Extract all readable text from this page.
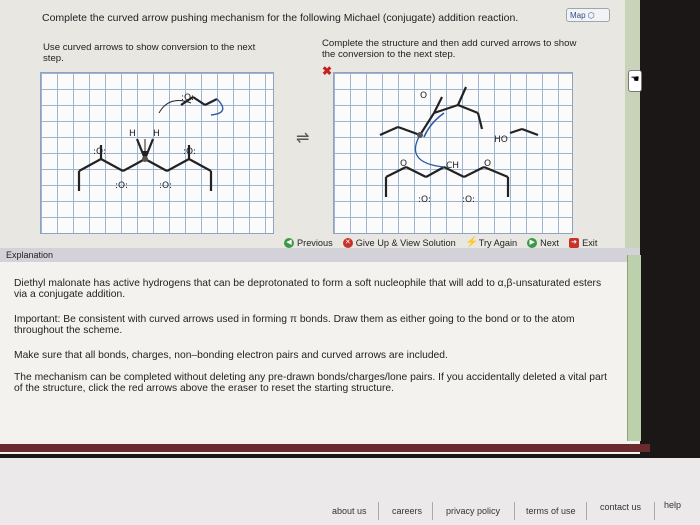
Complete the curved arrow pushing mechanism for the following Michael (conjugate) addition reaction.	Map ⬡
Use curved arrows to show conversion to the next step.
Complete the structure and then add curved arrows to show the conversion to the next step.
✖
:O:
H H
:O:	:O:
:O:	:O:
⇌
O
HO
CH
O	O
:O:	:O:
◀ Previous ✕ Give Up & View Solution ⚡ Try Again	▶ Next ➔ Exit
☚
Explanation

Diethyl malonate has active hydrogens that can be deprotonated to form a soft nucleophile that will add to α,β-unsaturated esters via a conjugate addition.

Important: Be consistent with curved arrows used in forming π bonds. Draw them as either going to the bond or to the atom throughout the scheme.

Make sure that all bonds, charges, non–bonding electron pairs and curved arrows are included.

The mechanism can be completed without deleting any pre-drawn bonds/charges/lone pairs. If you accidentally deleted a vital part of the structure, click the red arrows above the eraser to reset the starting structure.

about us	careers	privacy policy	terms of use	contact us	help
